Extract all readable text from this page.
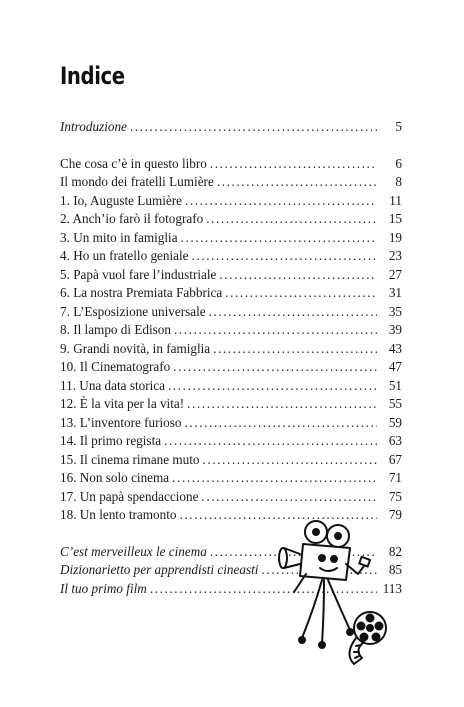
Indice
Introduzione .....	5
Che cosa c’è in questo libro .....	6
Il mondo dei fratelli Lumière .....	8
1. Io, Auguste Lumière .....	11
2. Anch’io farò il fotografo .....	15
3. Un mito in famiglia .....	19
4. Ho un fratello geniale .....	23
5. Papà vuol fare l’industriale .....	27
6. La nostra Premiata Fabbrica .....	31
7. L’Esposizione universale .....	35
8. Il lampo di Edison .....	39
9. Grandi novità, in famiglia .....	43
10. Il Cinematografo .....	47
11. Una data storica .....	51
12. È la vita per la vita! .....	55
13. L’inventore furioso .....	59
14. Il primo regista .....	63
15. Il cinema rimane muto .....	67
16. Non solo cinema .....	71
17. Un papà spendaccione .....	75
18. Un lento tramonto .....	79
C’est merveilleux le cinema .....	82
Dizionarietto per apprendisti cineasti .....	85
Il tuo primo film .....	113
